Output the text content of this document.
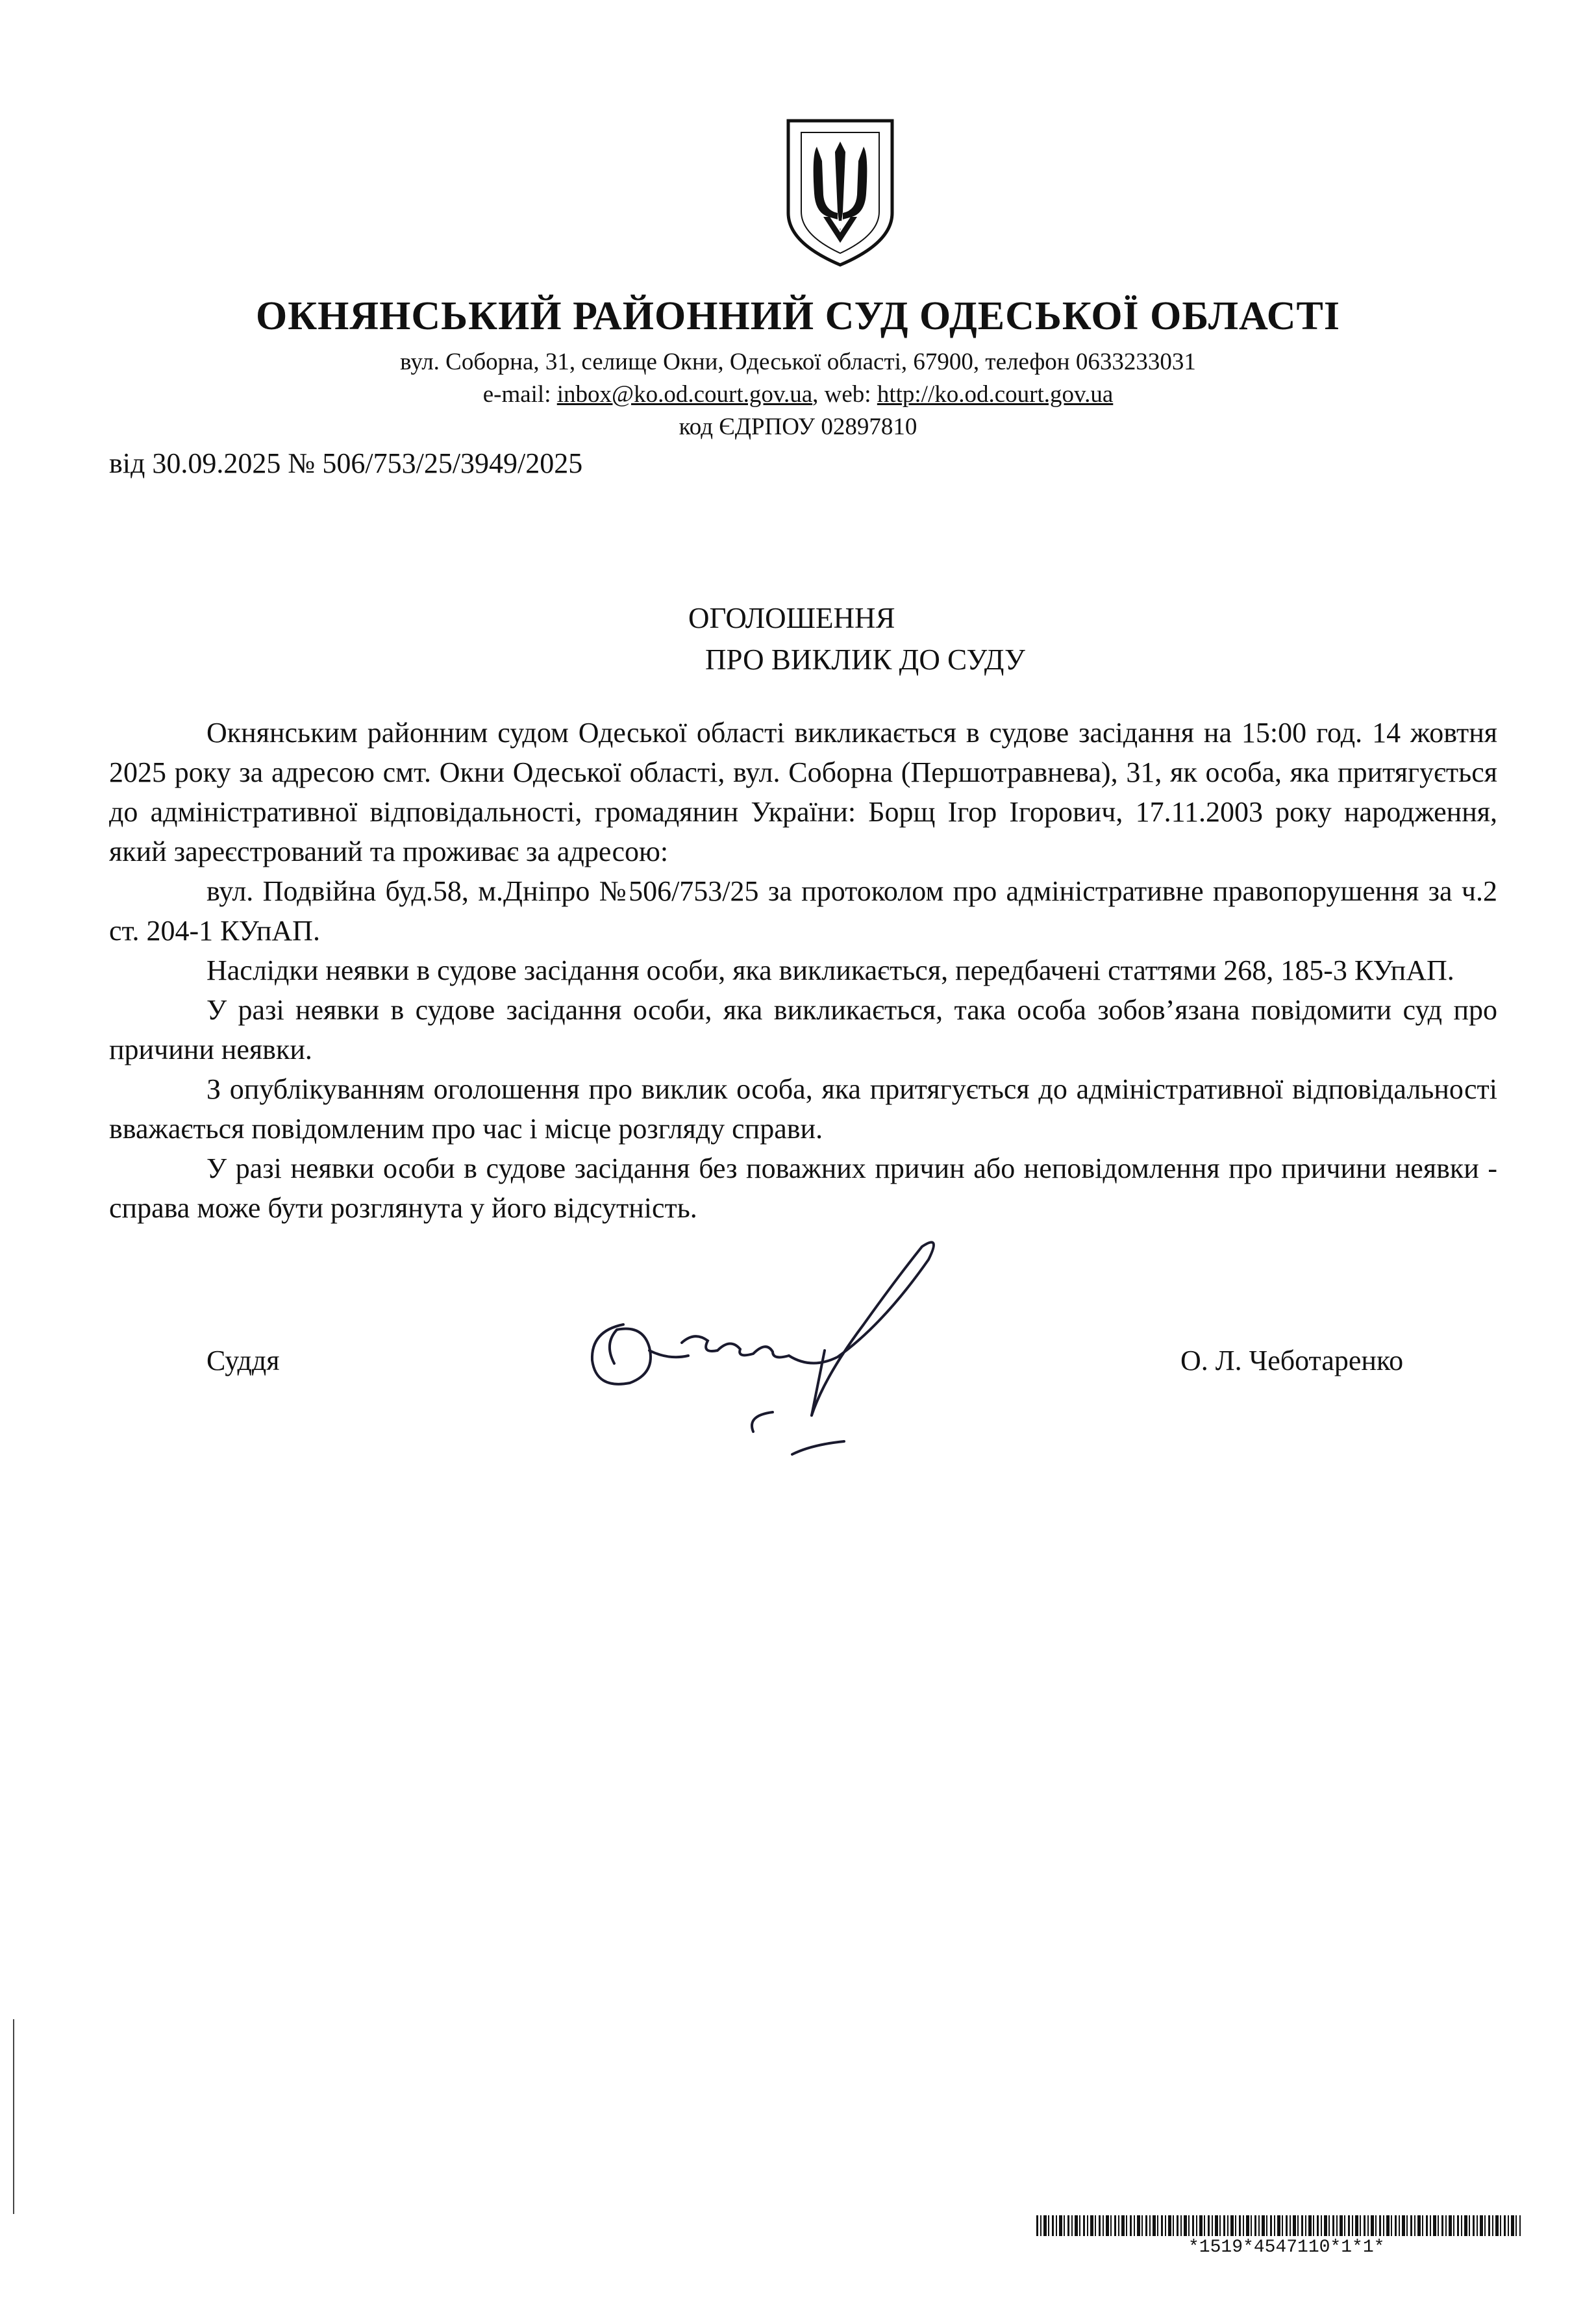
ОКНЯНСЬКИЙ РАЙОННИЙ СУД ОДЕСЬКОЇ ОБЛАСТІ
вул. Соборна, 31, селище Окни, Одеської області, 67900, телефон 0633233031
e-mail: inbox@ko.od.court.gov.ua, web: http://ko.od.court.gov.ua
код ЄДРПОУ 02897810
від 30.09.2025 № 506/753/25/3949/2025
ОГОЛОШЕННЯ
ПРО ВИКЛИК ДО СУДУ

Окнянським районним судом Одеської області викликається в судове засідання на 15:00 год. 14 жовтня 2025 року за адресою смт. Окни Одеської області, вул. Соборна (Першотравнева), 31, як особа, яка притягується до адміністративної відповідальності, громадянин України: Борщ Ігор Ігорович, 17.11.2003 року народження, який зареєстрований та проживає за адресою:

вул. Подвійна буд.58, м.Дніпро №506/753/25 за протоколом про адміністративне правопорушення за ч.2 ст. 204-1 КУпАП.

Наслідки неявки в судове засідання особи, яка викликається, передбачені статтями 268, 185-3 КУпАП.

У разі неявки в судове засідання особи, яка викликається, така особа зобов’язана повідомити суд про причини неявки.

З опублікуванням оголошення про виклик особа, яка притягується до адміністративної відповідальності вважається повідомленим про час і місце розгляду справи.

У разі неявки особи в судове засідання без поважних причин або неповідомлення про причини неявки - справа може бути розглянута у його відсутність.

Суддя	О. Л. Чеботаренко
*1519*4547110*1*1*
